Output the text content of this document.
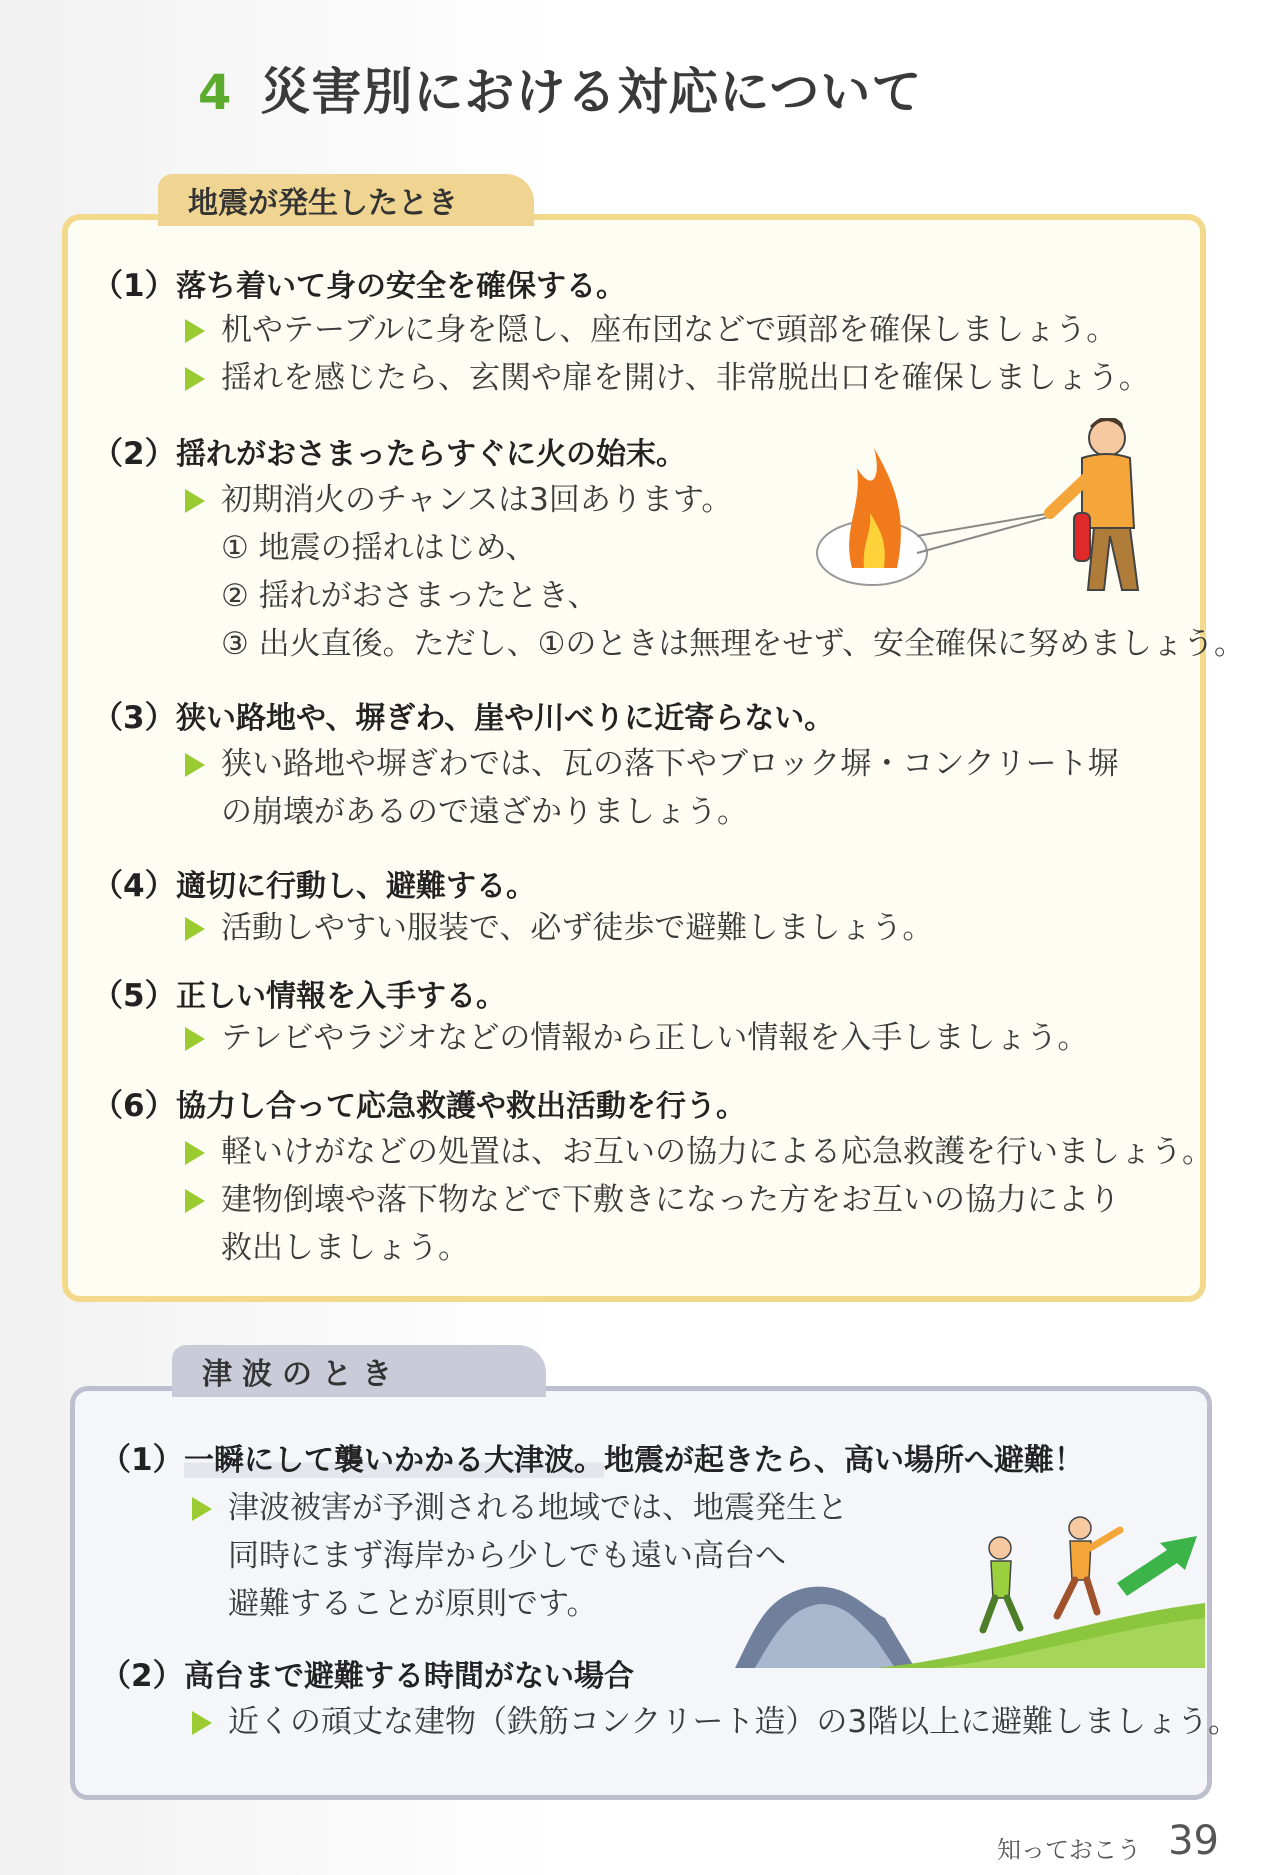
4 災害別における対応について
地震が発生したとき
（1）落ち着いて身の安全を確保する。
机やテーブルに身を隠し、座布団などで頭部を確保しましょう。
揺れを感じたら、玄関や扉を開け、非常脱出口を確保しましょう。
（2）揺れがおさまったらすぐに火の始末。
初期消火のチャンスは3回あります。
① 地震の揺れはじめ、
② 揺れがおさまったとき、
③ 出火直後。ただし、①のときは無理をせず、安全確保に努めましょう。
（3）狭い路地や、塀ぎわ、崖や川べりに近寄らない。
狭い路地や塀ぎわでは、瓦の落下やブロック塀・コンクリート塀
の崩壊があるので遠ざかりましょう。
（4）適切に行動し、避難する。
活動しやすい服装で、必ず徒歩で避難しましょう。
（5）正しい情報を入手する。
テレビやラジオなどの情報から正しい情報を入手しましょう。
（6）協力し合って応急救護や救出活動を行う。
軽いけがなどの処置は、お互いの協力による応急救護を行いましょう。
建物倒壊や落下物などで下敷きになった方をお互いの協力により
救出しましょう。
津波のとき
（1）一瞬にして襲いかかる大津波。地震が起きたら、高い場所へ避難！
津波被害が予測される地域では、地震発生と
同時にまず海岸から少しでも遠い高台へ
避難することが原則です。
（2）高台まで避難する時間がない場合
近くの頑丈な建物（鉄筋コンクリート造）の3階以上に避難しましょう。
知っておこう 39
